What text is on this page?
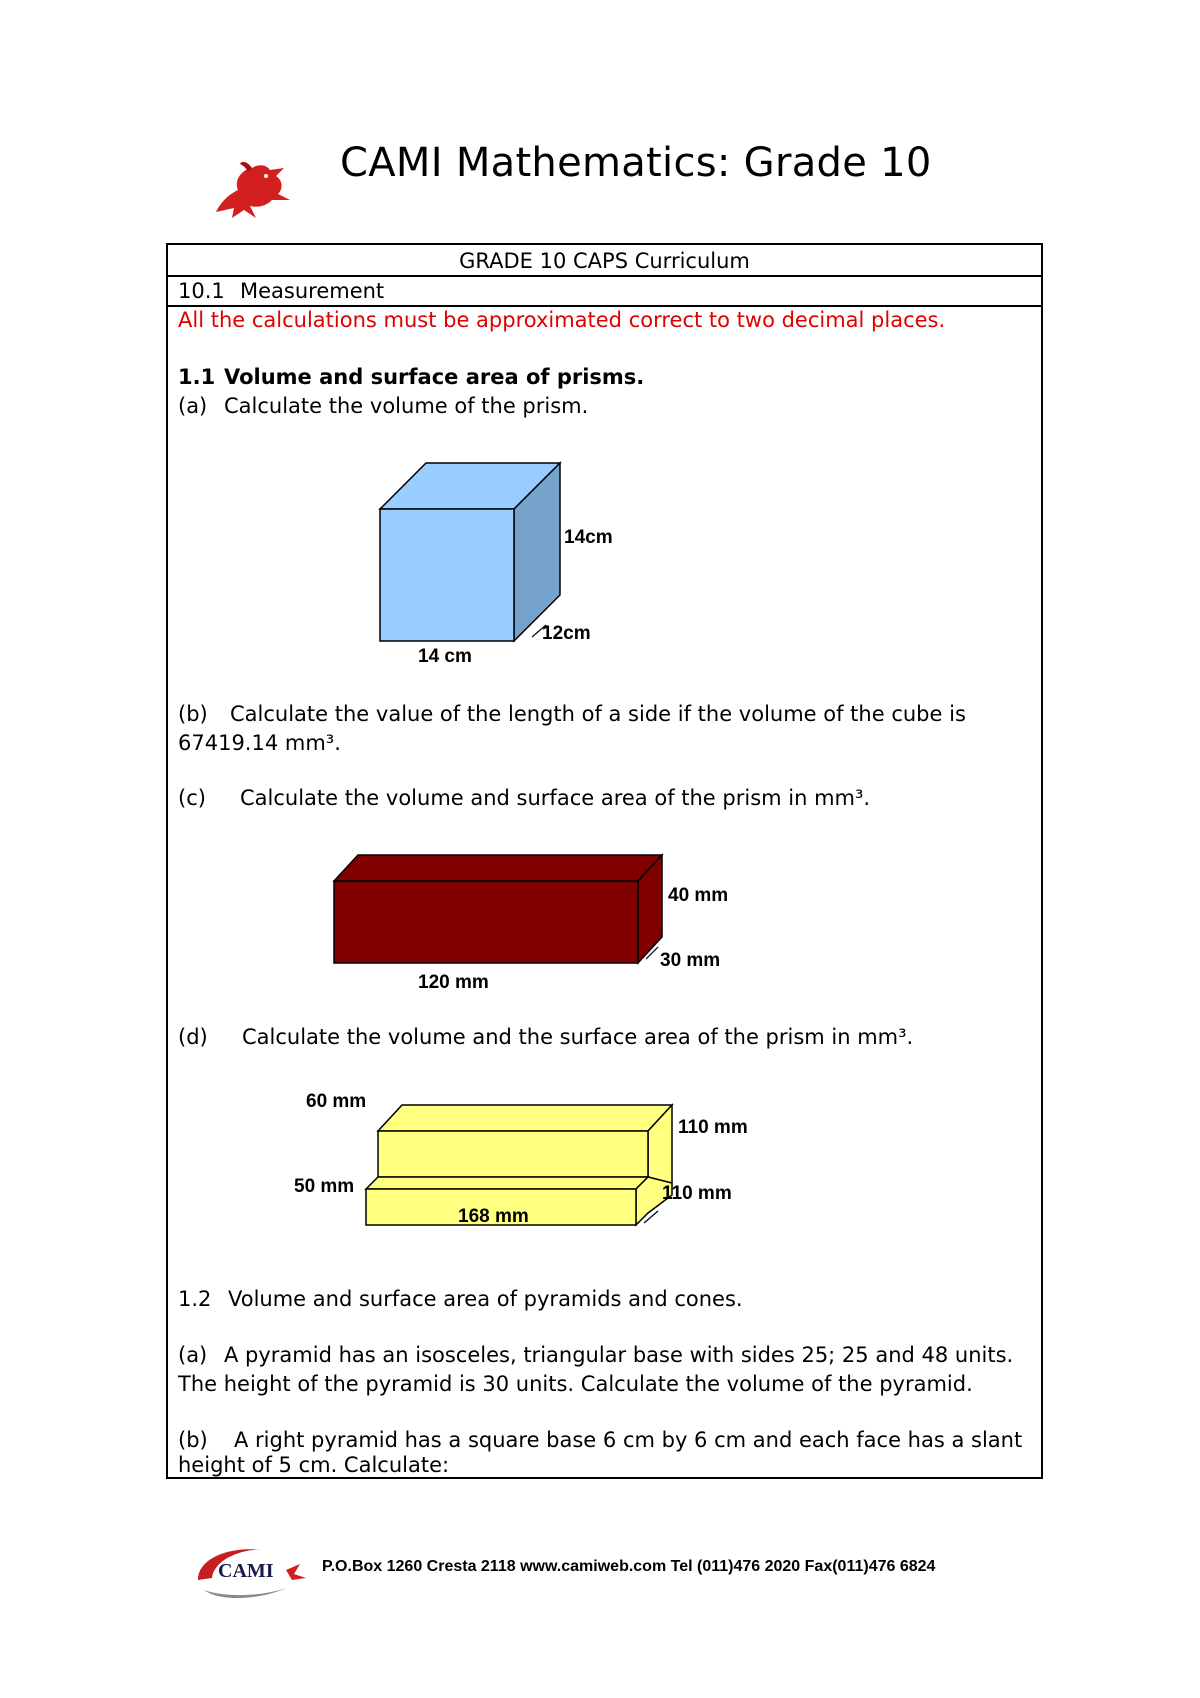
CAMI Mathematics: Grade 10
GRADE 10 CAPS Curriculum
10.1 Measurement
All the calculations must be approximated correct to two decimal places.
1.1 Volume and surface area of prisms.
(a) Calculate the volume of the prism.
14cm
12cm
14 cm
(b) Calculate the value of the length of a side if the volume of the cube is
67419.14 mm³.
(c) Calculate the volume and surface area of the prism in mm³.
40 mm
30 mm
120 mm
(d) Calculate the volume and the surface area of the prism in mm³.
60 mm
110 mm
50 mm	110 mm
168 mm
1.2 Volume and surface area of pyramids and cones.
(a) A pyramid has an isosceles, triangular base with sides 25; 25 and 48 units.
The height of the pyramid is 30 units. Calculate the volume of the pyramid.
(b) A right pyramid has a square base 6 cm by 6 cm and each face has a slant
height of 5 cm. Calculate:
CAMI	P.O.Box 1260 Cresta 2118 www.camiweb.com Tel (011)476 2020 Fax(011)476 6824
